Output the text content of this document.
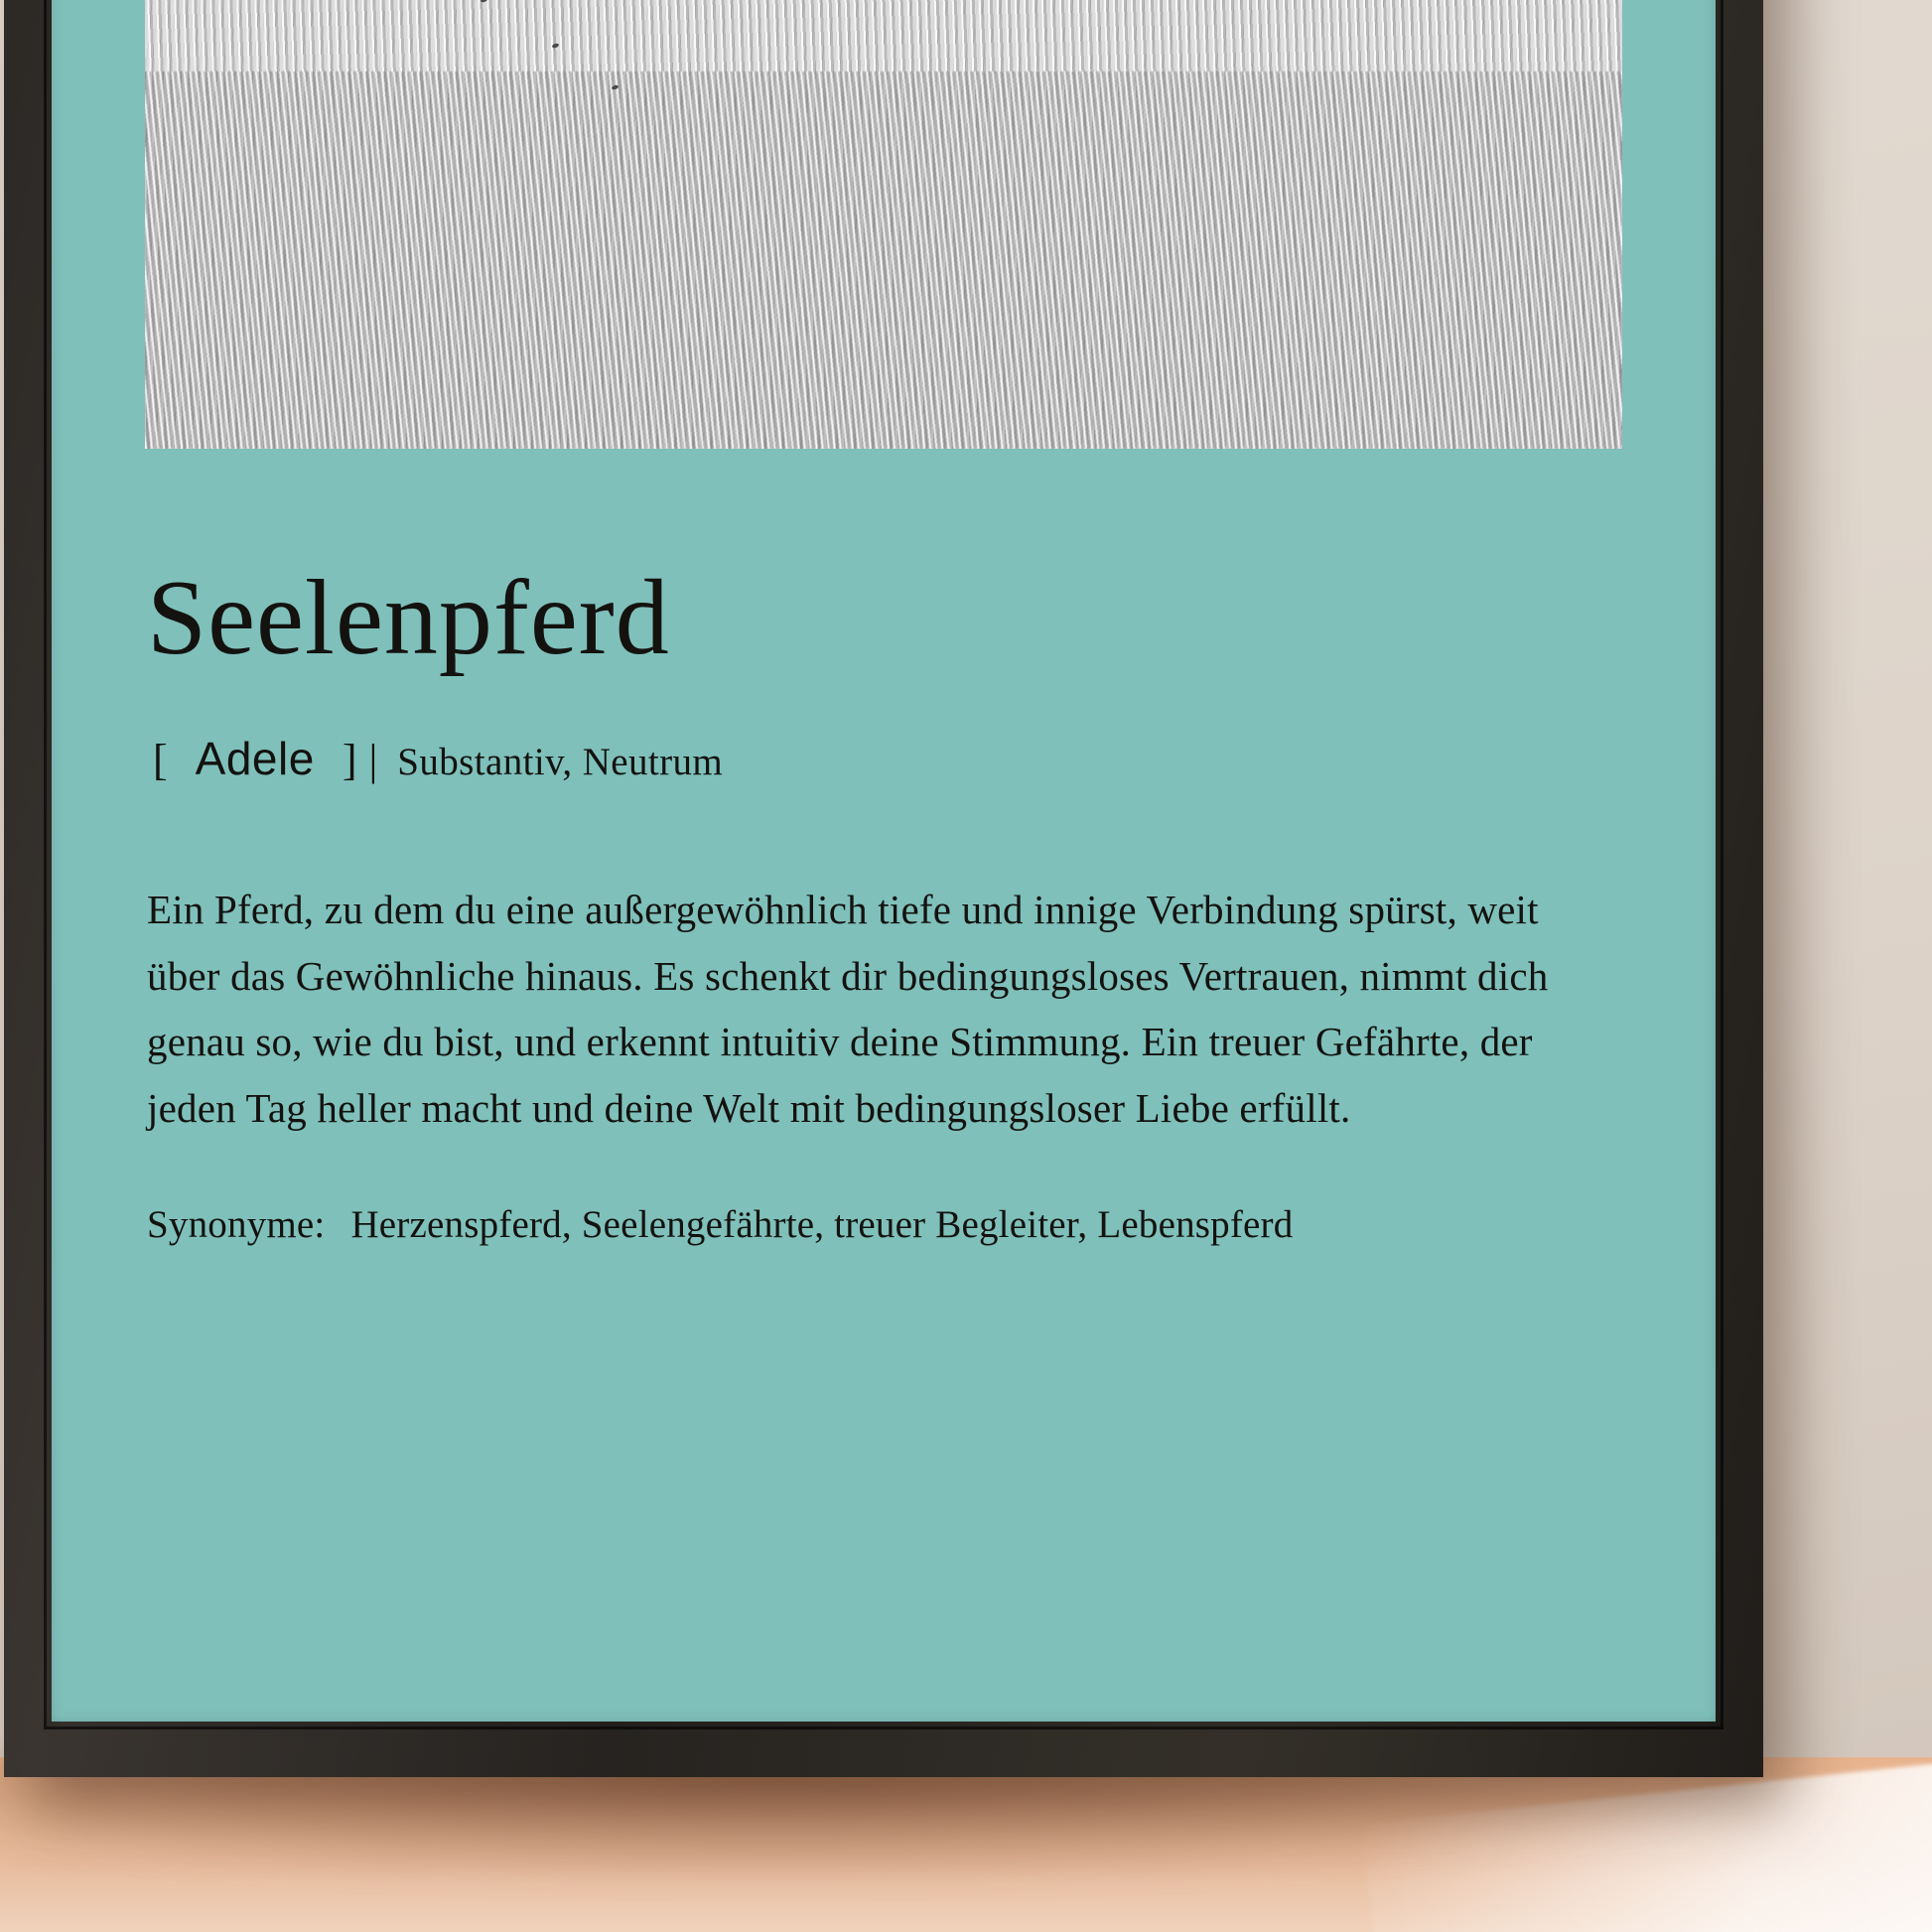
Seelenpferd
[ Adele ] | Substantiv, Neutrum

Ein Pferd, zu dem du eine außergewöhnlich tiefe und innige Verbindung spürst, weit über das Gewöhnliche hinaus. Es schenkt dir bedingungsloses Vertrauen, nimmt dich genau so, wie du bist, und erkennt intuitiv deine Stimmung. Ein treuer Gefährte, der jeden Tag heller macht und deine Welt mit bedingungsloser Liebe erfüllt.

Synonyme: Herzenspferd, Seelengefährte, treuer Begleiter, Lebenspferd
